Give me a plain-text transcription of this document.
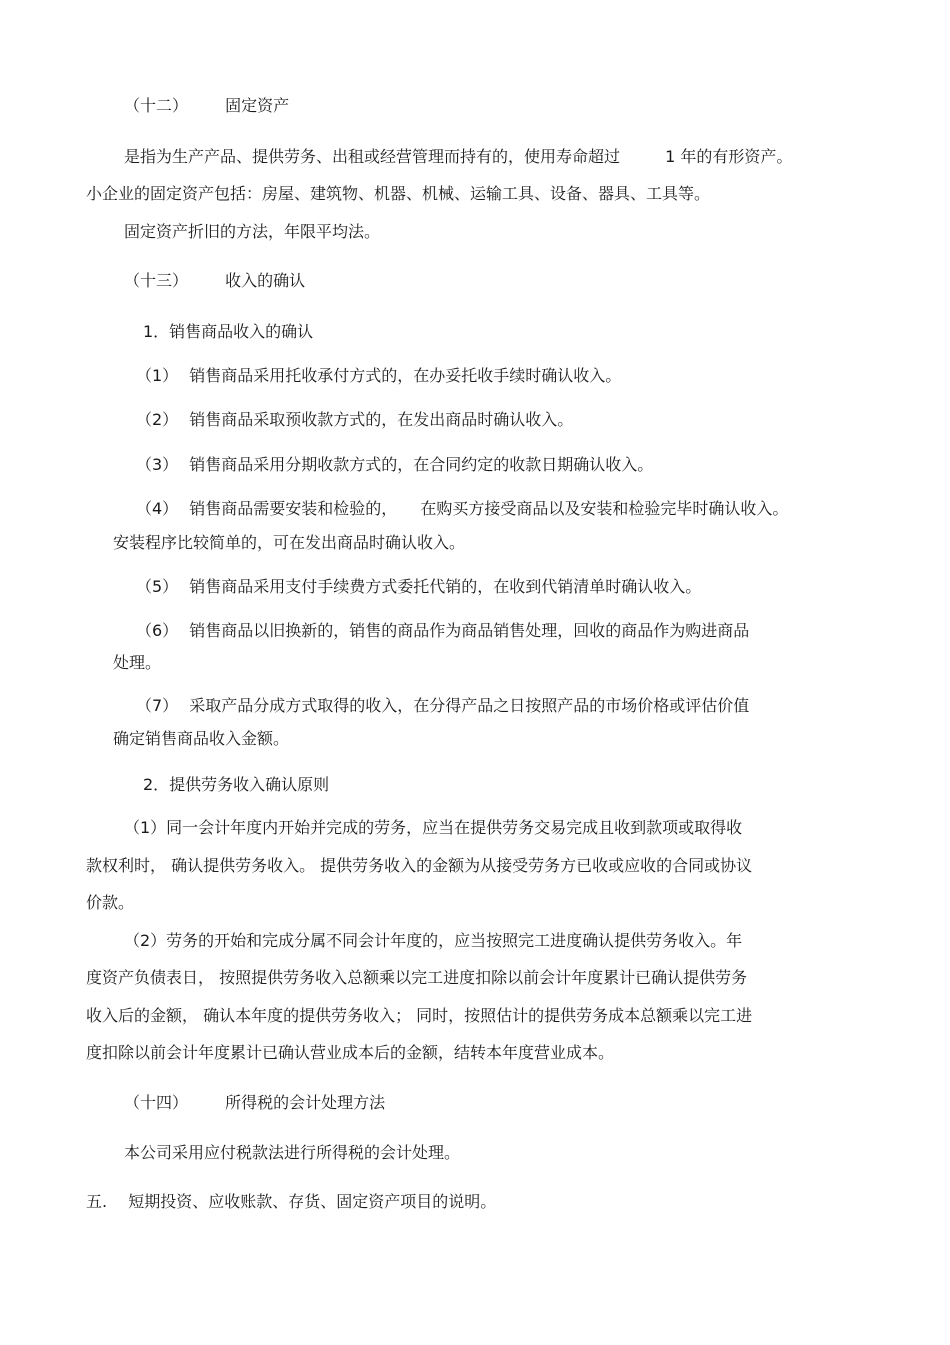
（十二） 固定资产
是指为生产产品、提供劳务、出租或经营管理而持有的，使用寿命超过	1 年的有形资产。
小企业的固定资产包括：房屋、建筑物、机器、机械、运输工具、设备、器具、工具等。
固定资产折旧的方法，年限平均法。
（十三） 收入的确认
1．销售商品收入的确认
（1） 销售商品采用托收承付方式的，在办妥托收手续时确认收入。
（2） 销售商品采取预收款方式的，在发出商品时确认收入。
（3） 销售商品采用分期收款方式的，在合同约定的收款日期确认收入。
（4） 销售商品需要安装和检验的， 在购买方接受商品以及安装和检验完毕时确认收入。
安装程序比较简单的，可在发出商品时确认收入。
（5） 销售商品采用支付手续费方式委托代销的，在收到代销清单时确认收入。
（6） 销售商品以旧换新的，销售的商品作为商品销售处理，回收的商品作为购进商品
处理。
（7） 采取产品分成方式取得的收入，在分得产品之日按照产品的市场价格或评估价值
确定销售商品收入金额。
2．提供劳务收入确认原则
（1）同一会计年度内开始并完成的劳务，应当在提供劳务交易完成且收到款项或取得收
款权利时， 确认提供劳务收入。 提供劳务收入的金额为从接受劳务方已收或应收的合同或协议
价款。
（2）劳务的开始和完成分属不同会计年度的，应当按照完工进度确认提供劳务收入。年
度资产负债表日， 按照提供劳务收入总额乘以完工进度扣除以前会计年度累计已确认提供劳务
收入后的金额， 确认本年度的提供劳务收入； 同时，按照估计的提供劳务成本总额乘以完工进
度扣除以前会计年度累计已确认营业成本后的金额，结转本年度营业成本。
（十四） 所得税的会计处理方法
本公司采用应付税款法进行所得税的会计处理。
五. 短期投资、应收账款、存货、固定资产项目的说明。
